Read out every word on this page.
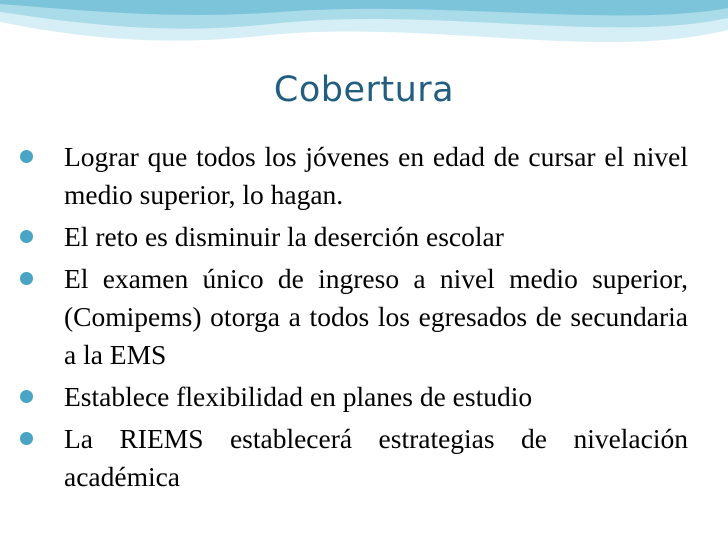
Cobertura
Lograr que todos los jóvenes en edad de cursar el nivel medio superior, lo hagan.
El reto es disminuir la deserción escolar
El examen único de ingreso a nivel medio superior, (Comipems) otorga a todos los egresados de secundaria a la EMS
Establece flexibilidad en planes de estudio
La RIEMS establecerá estrategias de nivelación académica
